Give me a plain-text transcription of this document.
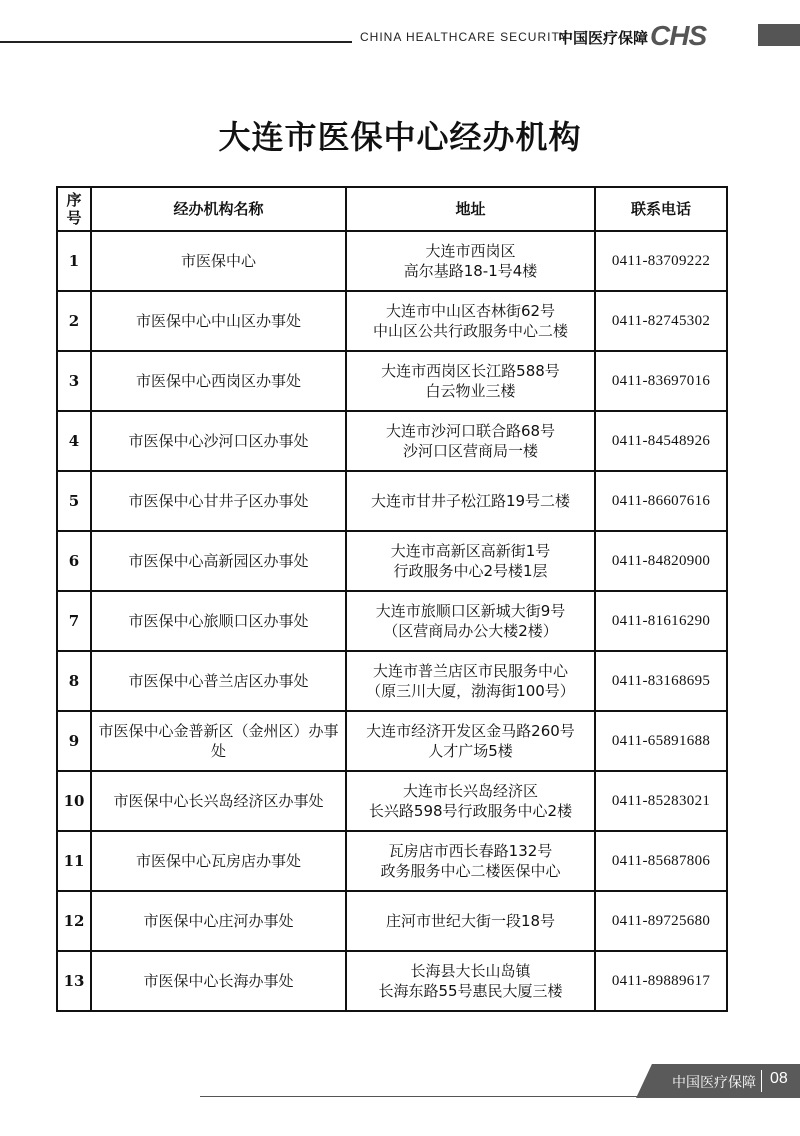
CHINA HEALTHCARE SECURITY
中国医疗保障 CHS
大连市医保中心经办机构
序
号	经办机构名称	地址	联系电话
1	市医保中心	大连市西岗区
高尔基路18-1号4楼	0411-83709222
2	市医保中心中山区办事处	大连市中山区杏林街62号
中山区公共行政服务中心二楼	0411-82745302
3	市医保中心西岗区办事处	大连市西岗区长江路588号
白云物业三楼	0411-83697016
4	市医保中心沙河口区办事处	大连市沙河口联合路68号
沙河口区营商局一楼	0411-84548926
5	市医保中心甘井子区办事处	大连市甘井子松江路19号二楼	0411-86607616
6	市医保中心高新园区办事处	大连市高新区高新街1号
行政服务中心2号楼1层	0411-84820900
7	市医保中心旅顺口区办事处	大连市旅顺口区新城大街9号
（区营商局办公大楼2楼）	0411-81616290
8	市医保中心普兰店区办事处	大连市普兰店区市民服务中心
（原三川大厦，渤海街100号）	0411-83168695
9	市医保中心金普新区（金州区）办事处	大连市经济开发区金马路260号
人才广场5楼	0411-65891688
10	市医保中心长兴岛经济区办事处	大连市长兴岛经济区
长兴路598号行政服务中心2楼	0411-85283021
11	市医保中心瓦房店办事处	瓦房店市西长春路132号
政务服务中心二楼医保中心	0411-85687806
12	市医保中心庄河办事处	庄河市世纪大街一段18号	0411-89725680
13	市医保中心长海办事处	长海县大长山岛镇
长海东路55号惠民大厦三楼	0411-89889617
中国医疗保障 08
